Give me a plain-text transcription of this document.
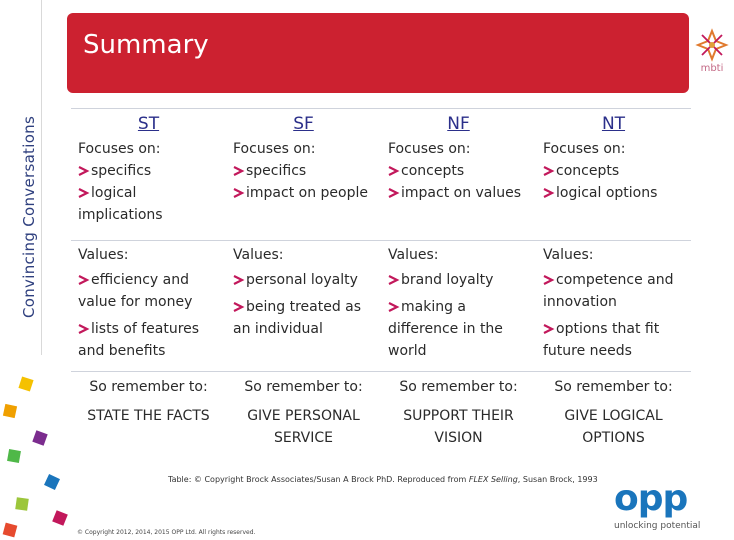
Convincing Conversations
Summary
mbti
ST
Focuses on:
specifics
logical implications
Values:
efficiency and value for money
lists of features and benefits
So remember to:
STATE THE FACTS
SF
Focuses on:
specifics
impact on people
Values:
personal loyalty
being treated as an individual
So remember to:
GIVE PERSONAL SERVICE
NF
Focuses on:
concepts
impact on values
Values:
brand loyalty
making a difference in the world
So remember to:
SUPPORT THEIR VISION
NT
Focuses on:
concepts
logical options
Values:
competence and innovation
options that fit future needs
So remember to:
GIVE LOGICAL OPTIONS
Table: © Copyright Brock Associates/Susan A Brock PhD. Reproduced from FLEX Selling, Susan Brock, 1993
© Copyright 2012, 2014, 2015 OPP Ltd. All rights reserved.
opp
unlocking potential
